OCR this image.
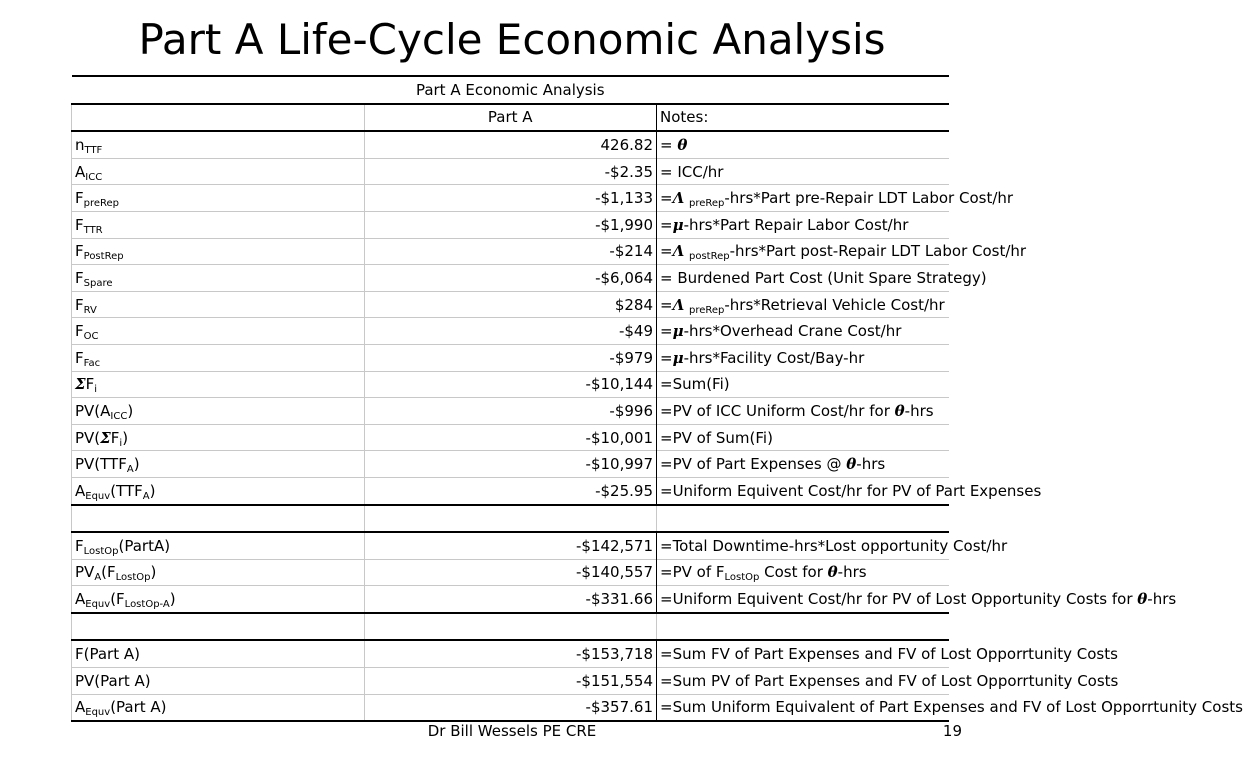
Part A Life-Cycle Economic Analysis
Part A Economic Analysis		
	Part A	Notes:
$n_{TTF}$	426.82	= θ
$A_{ICC}$	-$2.35	= ICC/hr
$F_{preRep}$	-$1,133	=Λ $_{preRep}$-hrs*Part pre-Repair LDT Labor Cost/hr
$F_{TTR}$	-$1,990	=μ-hrs*Part Repair Labor Cost/hr
$F_{PostRep}$	-$214	=Λ $_{postRep}$-hrs*Part post-Repair LDT Labor Cost/hr
$F_{Spare}$	-$6,064	= Burdened Part Cost (Unit Spare Strategy)
$F_{RV}$	$284	=Λ $_{preRep}$-hrs*Retrieval Vehicle Cost/hr
$F_{OC}$	-$49	=μ-hrs*Overhead Crane Cost/hr
$F_{Fac}$	-$979	=μ-hrs*Facility Cost/Bay-hr
$\Sigma F_i$	-$10,144	=Sum(Fi)
$PV(A_{ICC})$	-$996	=PV of ICC Uniform Cost/hr for θ-hrs
$PV(\Sigma F_i)$	-$10,001	=PV of Sum(Fi)
$PV(TTF_A)$	-$10,997	=PV of Part Expenses @ θ-hrs
$A_{Equv}(TTF_A)$	-$25.95	=Uniform Equivent Cost/hr for PV of Part Expenses

$F_{LostOp}(PartA)$	-$142,571	=Total Downtime-hrs*Lost opportunity Cost/hr
$PV_A(F_{LostOp})$	-$140,557	=PV of $F_{LostOp}$ Cost for θ-hrs
$A_{Equv}(F_{LostOp-A})$	-$331.66	=Uniform Equivent Cost/hr for PV of Lost Opportunity Costs for θ-hrs

F(Part A)	-$153,718	=Sum FV of Part Expenses and FV of Lost Opporrtunity Costs
PV(Part A)	-$151,554	=Sum PV of Part Expenses and FV of Lost Opporrtunity Costs
$A_{Equv}(Part$ A)	-$357.61	=Sum Uniform Equivalent of Part Expenses and FV of Lost Opporrtunity Costs
Dr Bill Wessels PE CRE	19
